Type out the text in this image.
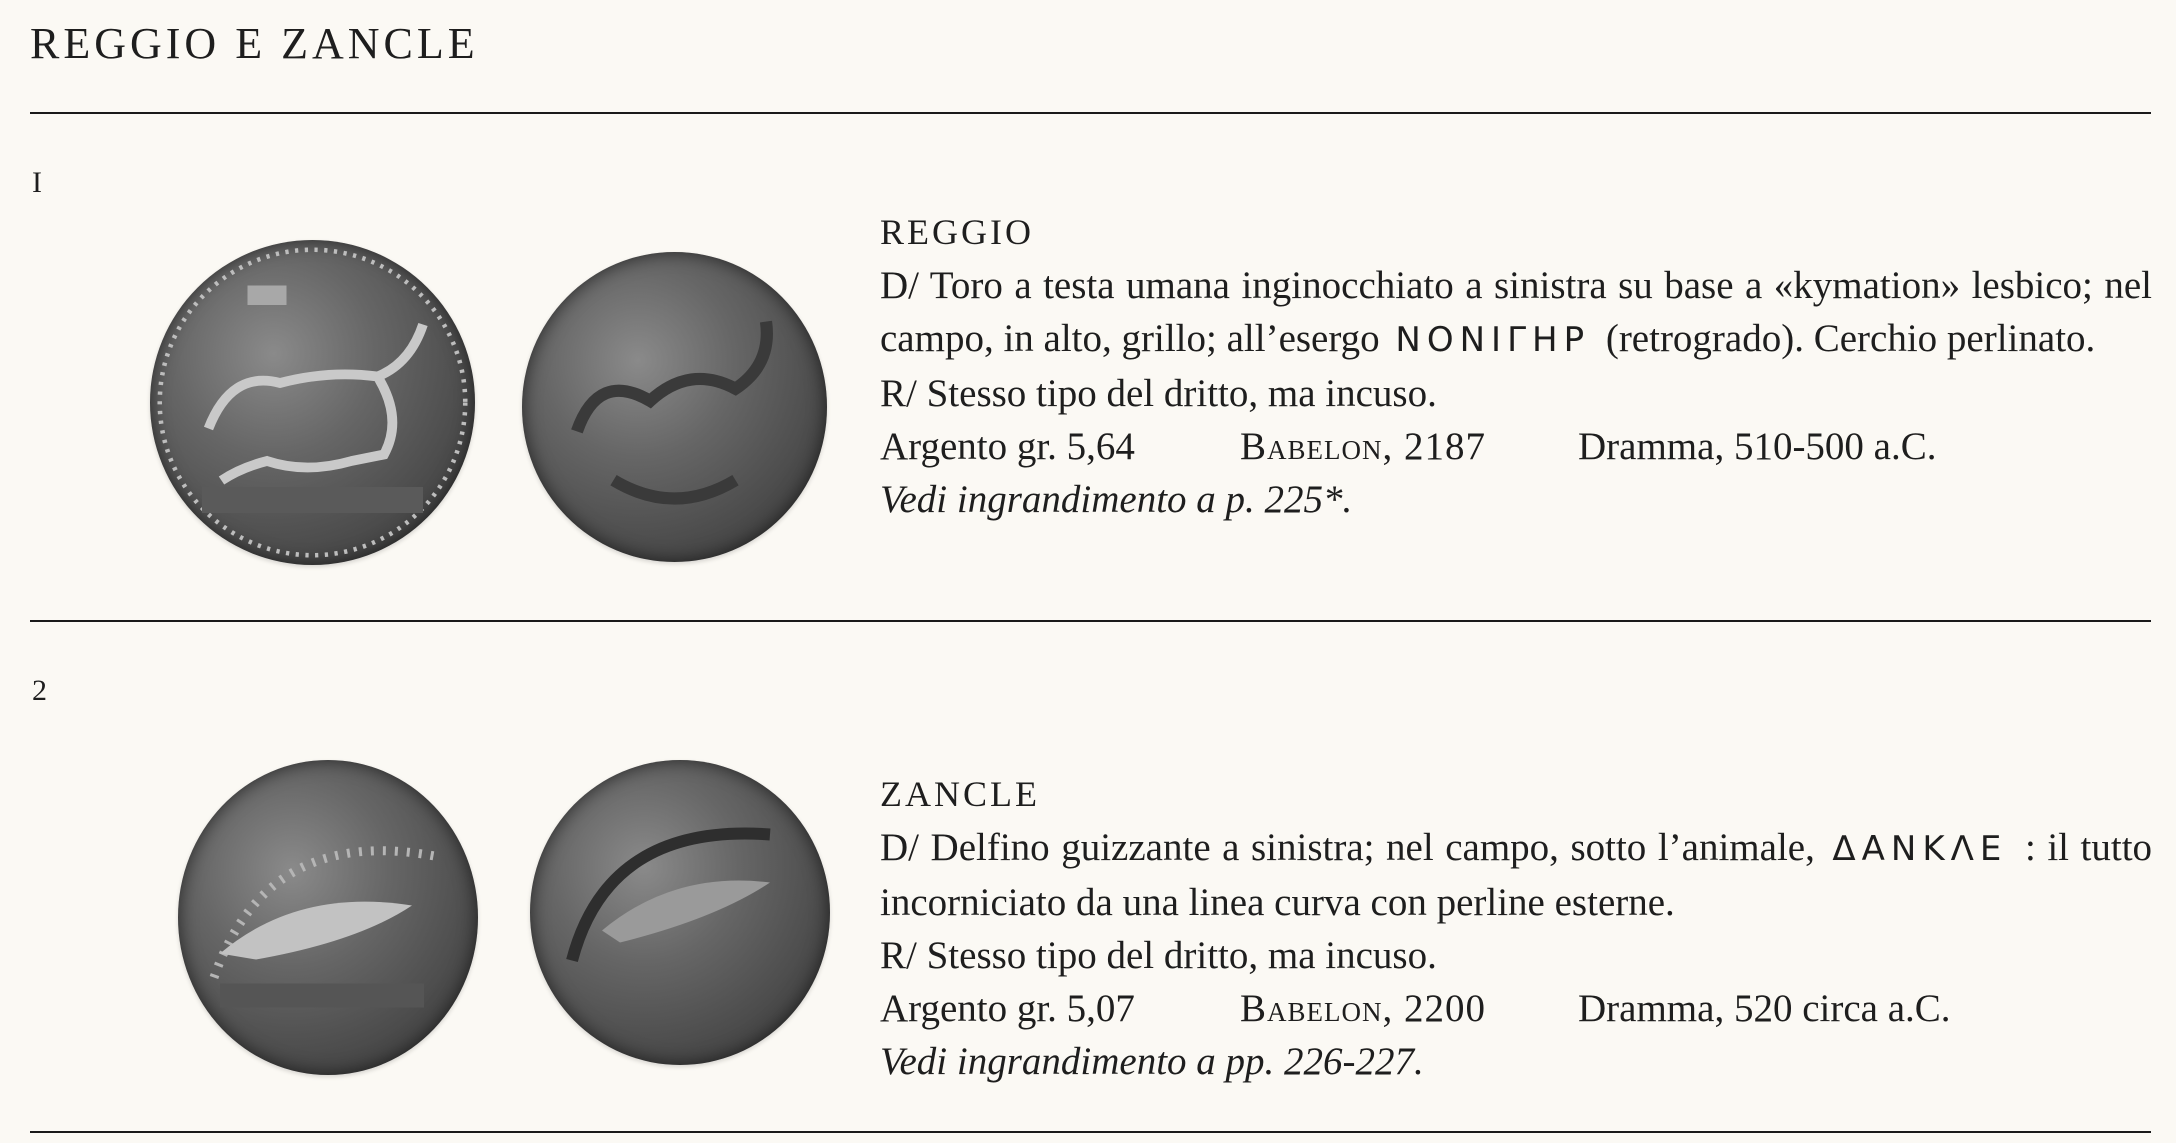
REGGIO E ZANCLE
I
REGGIO
D/ Toro a testa umana inginocchiato a sinistra su base a «kymation» lesbico; nel campo, in alto, grillo; all’esergo ΝΟΝΙΓΗΡ (retrogrado). Cerchio perlinato.
R/ Stesso tipo del dritto, ma incuso.
Argento gr. 5,64	Babelon, 2187 Dramma, 510-500 a.C.
Vedi ingrandimento a p. 225*.
2
ZANCLE
D/ Delfino guizzante a sinistra; nel campo, sotto l’animale, ΔΑΝΚΛΕ : il tutto incorniciato da una linea curva con perline esterne.
R/ Stesso tipo del dritto, ma incuso.
Argento gr. 5,07	Babelon, 2200 Dramma, 520 circa a.C.
Vedi ingrandimento a pp. 226-227.
